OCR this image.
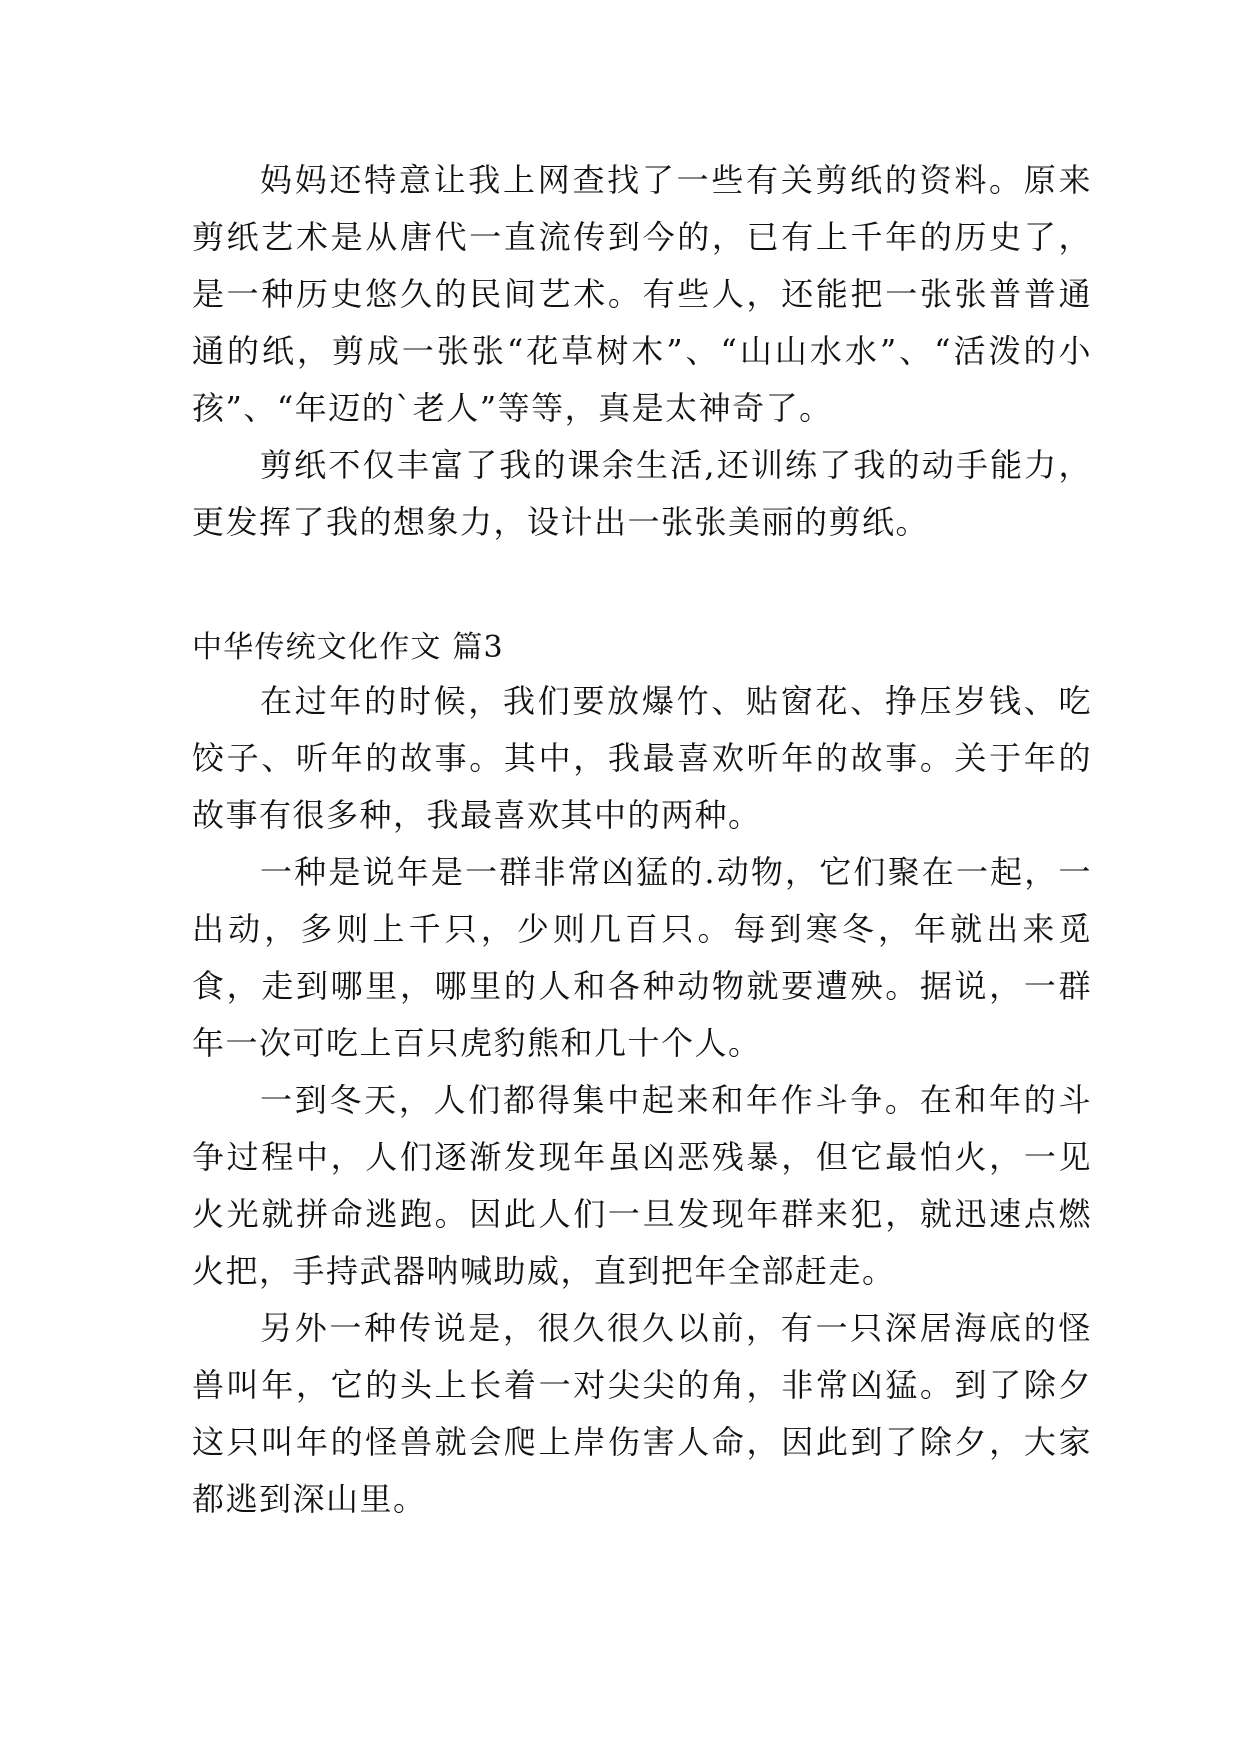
妈妈还特意让我上网查找了一些有关剪纸的资料。原来剪纸艺术是从唐代一直流传到今的，已有上千年的历史了，是一种历史悠久的民间艺术。有些人，还能把一张张普普通通的纸，剪成一张张“花草树木”、“山山水水”、“活泼的小孩”、“年迈的`老人”等等，真是太神奇了。

剪纸不仅丰富了我的课余生活,还训练了我的动手能力，更发挥了我的想象力，设计出一张张美丽的剪纸。

中华传统文化作文 篇3

在过年的时候，我们要放爆竹、贴窗花、挣压岁钱、吃饺子、听年的故事。其中，我最喜欢听年的故事。关于年的故事有很多种，我最喜欢其中的两种。

一种是说年是一群非常凶猛的.动物，它们聚在一起，一出动，多则上千只，少则几百只。每到寒冬，年就出来觅食，走到哪里，哪里的人和各种动物就要遭殃。据说，一群年一次可吃上百只虎豹熊和几十个人。

一到冬天，人们都得集中起来和年作斗争。在和年的斗争过程中，人们逐渐发现年虽凶恶残暴，但它最怕火，一见火光就拼命逃跑。因此人们一旦发现年群来犯，就迅速点燃火把，手持武器呐喊助威，直到把年全部赶走。

另外一种传说是，很久很久以前，有一只深居海底的怪兽叫年，它的头上长着一对尖尖的角，非常凶猛。到了除夕这只叫年的怪兽就会爬上岸伤害人命，因此到了除夕，大家都逃到深山里。
